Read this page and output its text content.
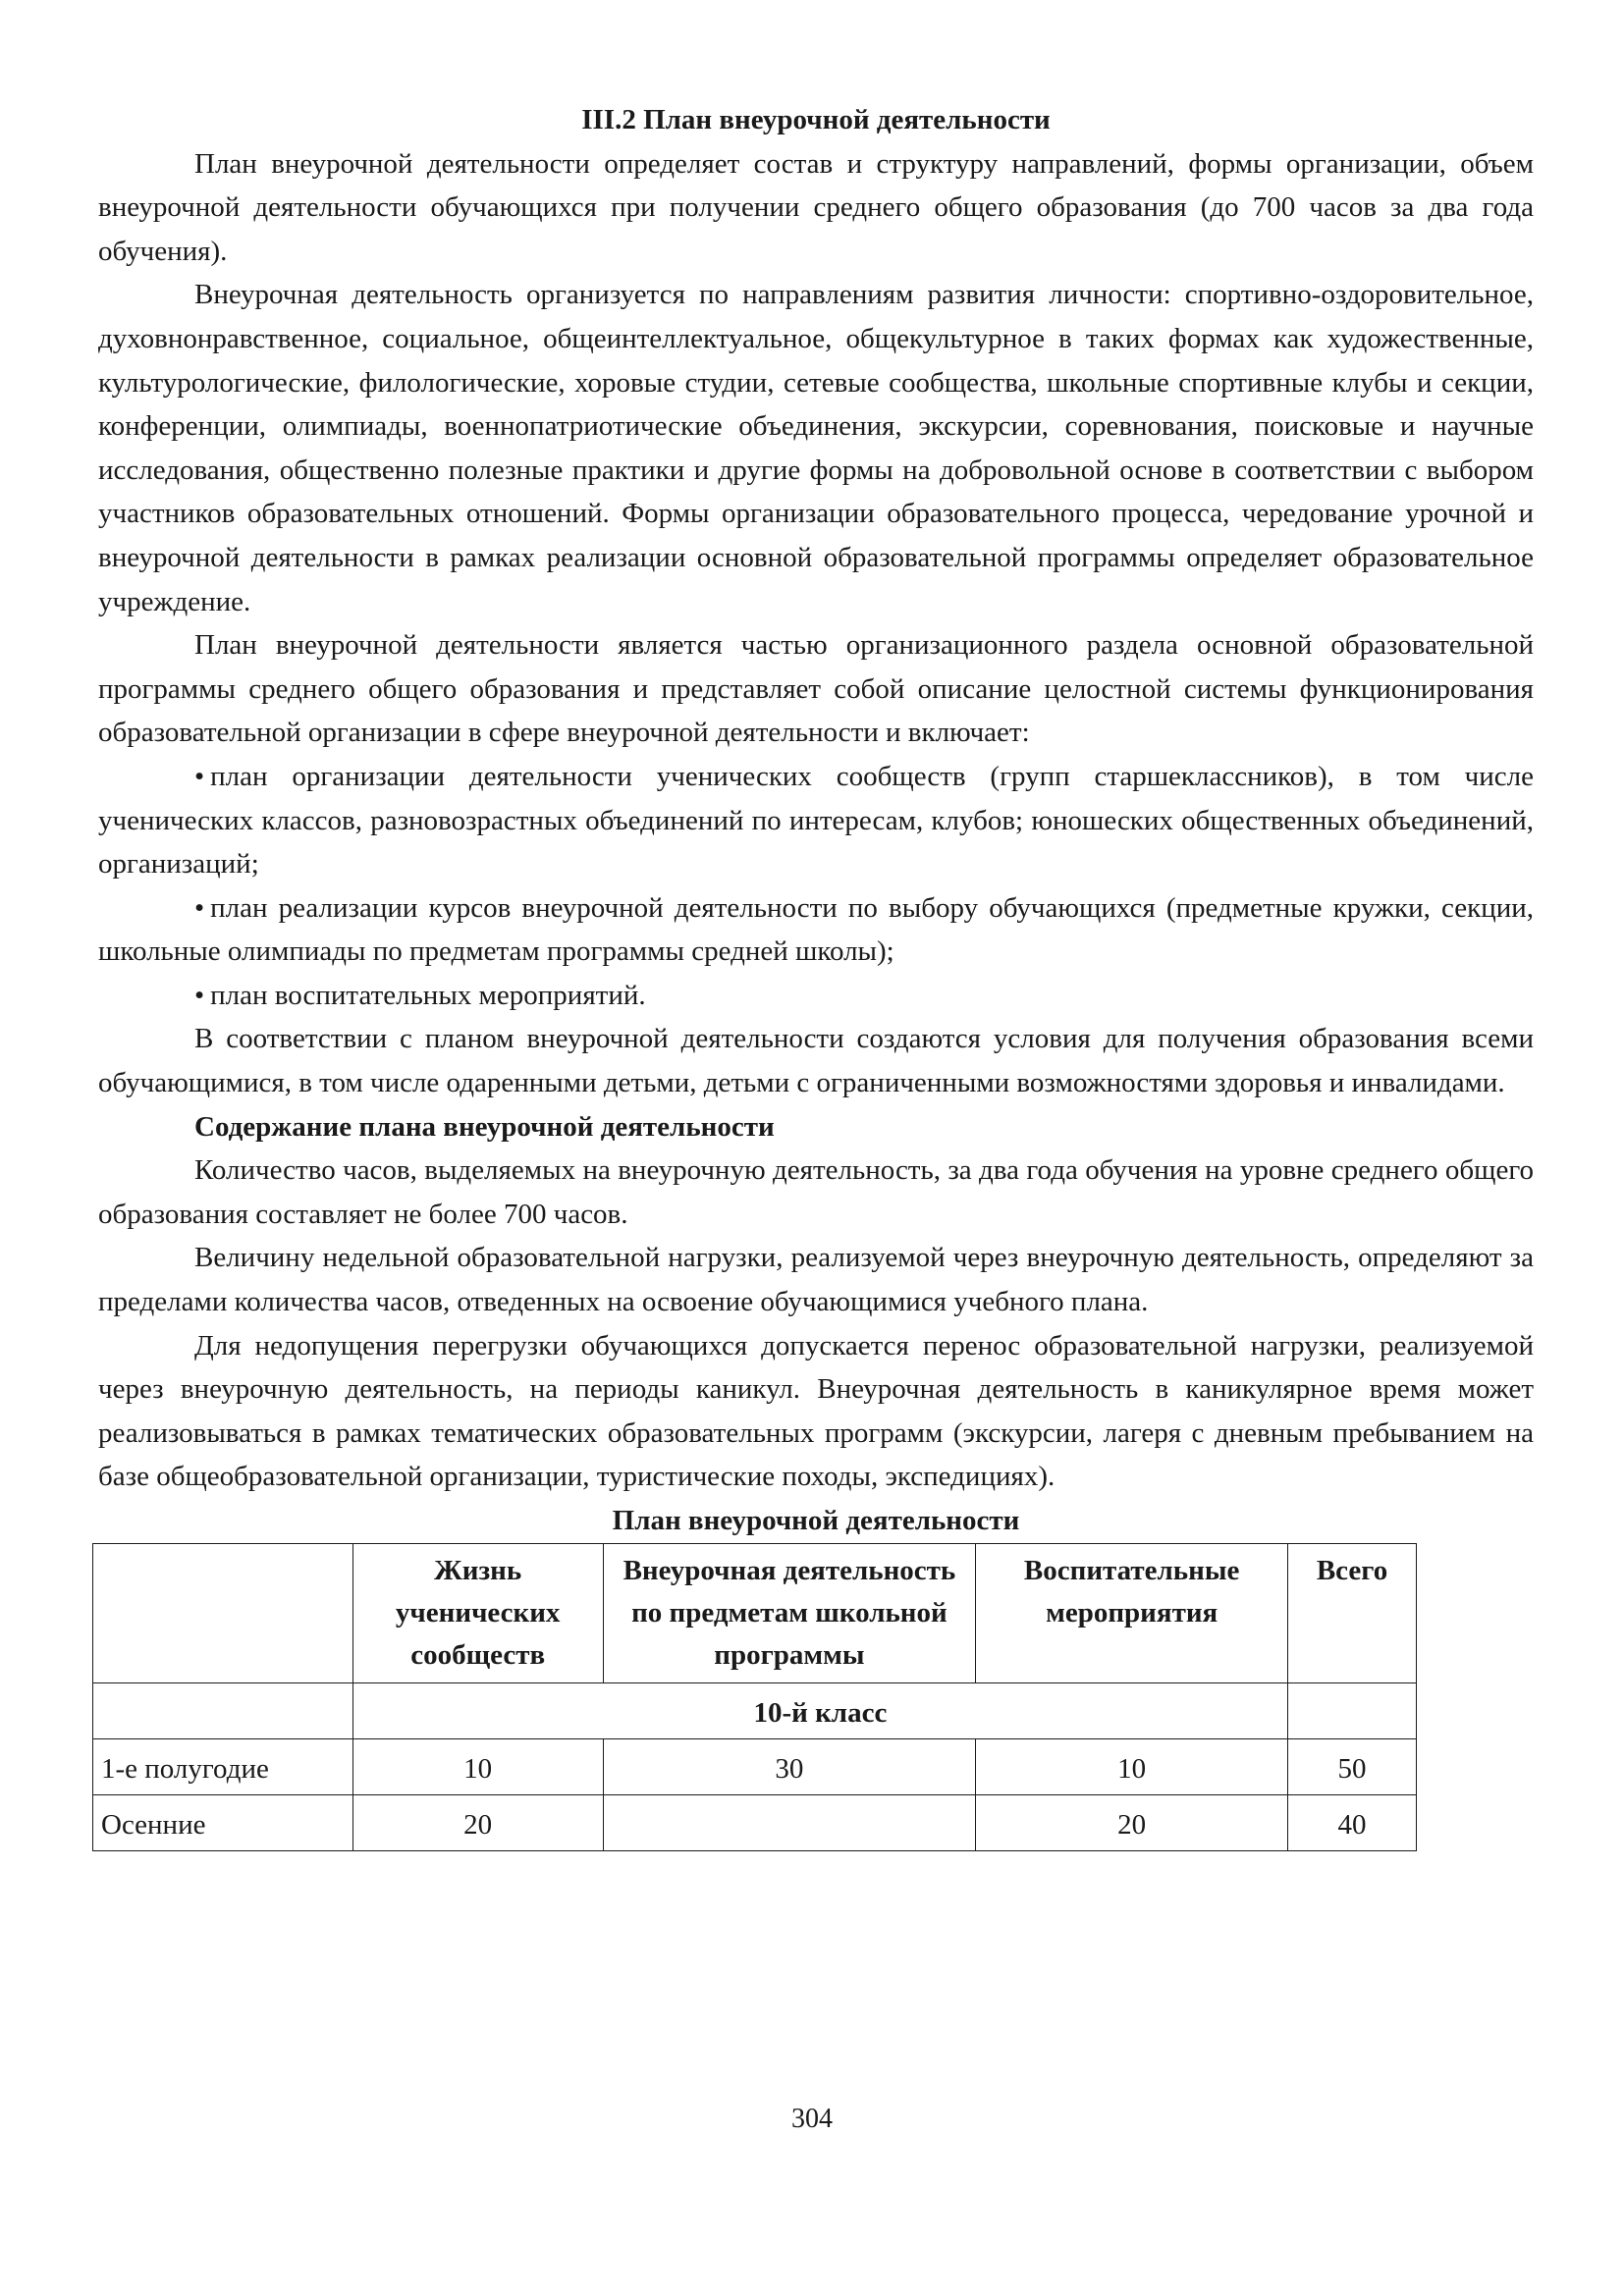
III.2 План внеурочной деятельности

План внеурочной деятельности определяет состав и структуру направлений, формы организации, объем внеурочной деятельности обучающихся при получении среднего общего образования (до 700 часов за два года обучения).

Внеурочная деятельность организуется по направлениям развития личности: спортивно-оздоровительное, духовнонравственное, социальное, общеинтеллектуальное, общекультурное в таких формах как художественные, культурологические, филологические, хоровые студии, сетевые сообщества, школьные спортивные клубы и секции, конференции, олимпиады, военнопатриотические объединения, экскурсии, соревнования, поисковые и научные исследования, общественно полезные практики и другие формы на добровольной основе в соответствии с выбором участников образовательных отношений. Формы организации образовательного процесса, чередование урочной и внеурочной деятельности в рамках реализации основной образовательной программы определяет образовательное учреждение.

План внеурочной деятельности является частью организационного раздела основной образовательной программы среднего общего образования и представляет собой описание целостной системы функционирования образовательной организации в сфере внеурочной деятельности и включает:

• план организации деятельности ученических сообществ (групп старшеклассников), в том числе ученических классов, разновозрастных объединений по интересам, клубов; юношеских общественных объединений, организаций;

• план реализации курсов внеурочной деятельности по выбору обучающихся (предметные кружки, секции, школьные олимпиады по предметам программы средней школы);

• план воспитательных мероприятий.

В соответствии с планом внеурочной деятельности создаются условия для получения образования всеми обучающимися, в том числе одаренными детьми, детьми с ограниченными возможностями здоровья и инвалидами.

Содержание плана внеурочной деятельности

Количество часов, выделяемых на внеурочную деятельность, за два года обучения на уровне среднего общего образования составляет не более 700 часов.

Величину недельной образовательной нагрузки, реализуемой через внеурочную деятельность, определяют за пределами количества часов, отведенных на освоение обучающимися учебного плана.

Для недопущения перегрузки обучающихся допускается перенос образовательной нагрузки, реализуемой через внеурочную деятельность, на периоды каникул. Внеурочная деятельность в каникулярное время может реализовываться в рамках тематических образовательных программ (экскурсии, лагеря с дневным пребыванием на базе общеобразовательной организации, туристические походы, экспедициях).

План внеурочной деятельности
	Жизнь ученических сообществ	Внеурочная деятельность по предметам школьной программы	Воспитательные мероприятия	Всего
	10-й класс			
1-е полугодие	10	30	10	50
Осенние	20		20	40
304
